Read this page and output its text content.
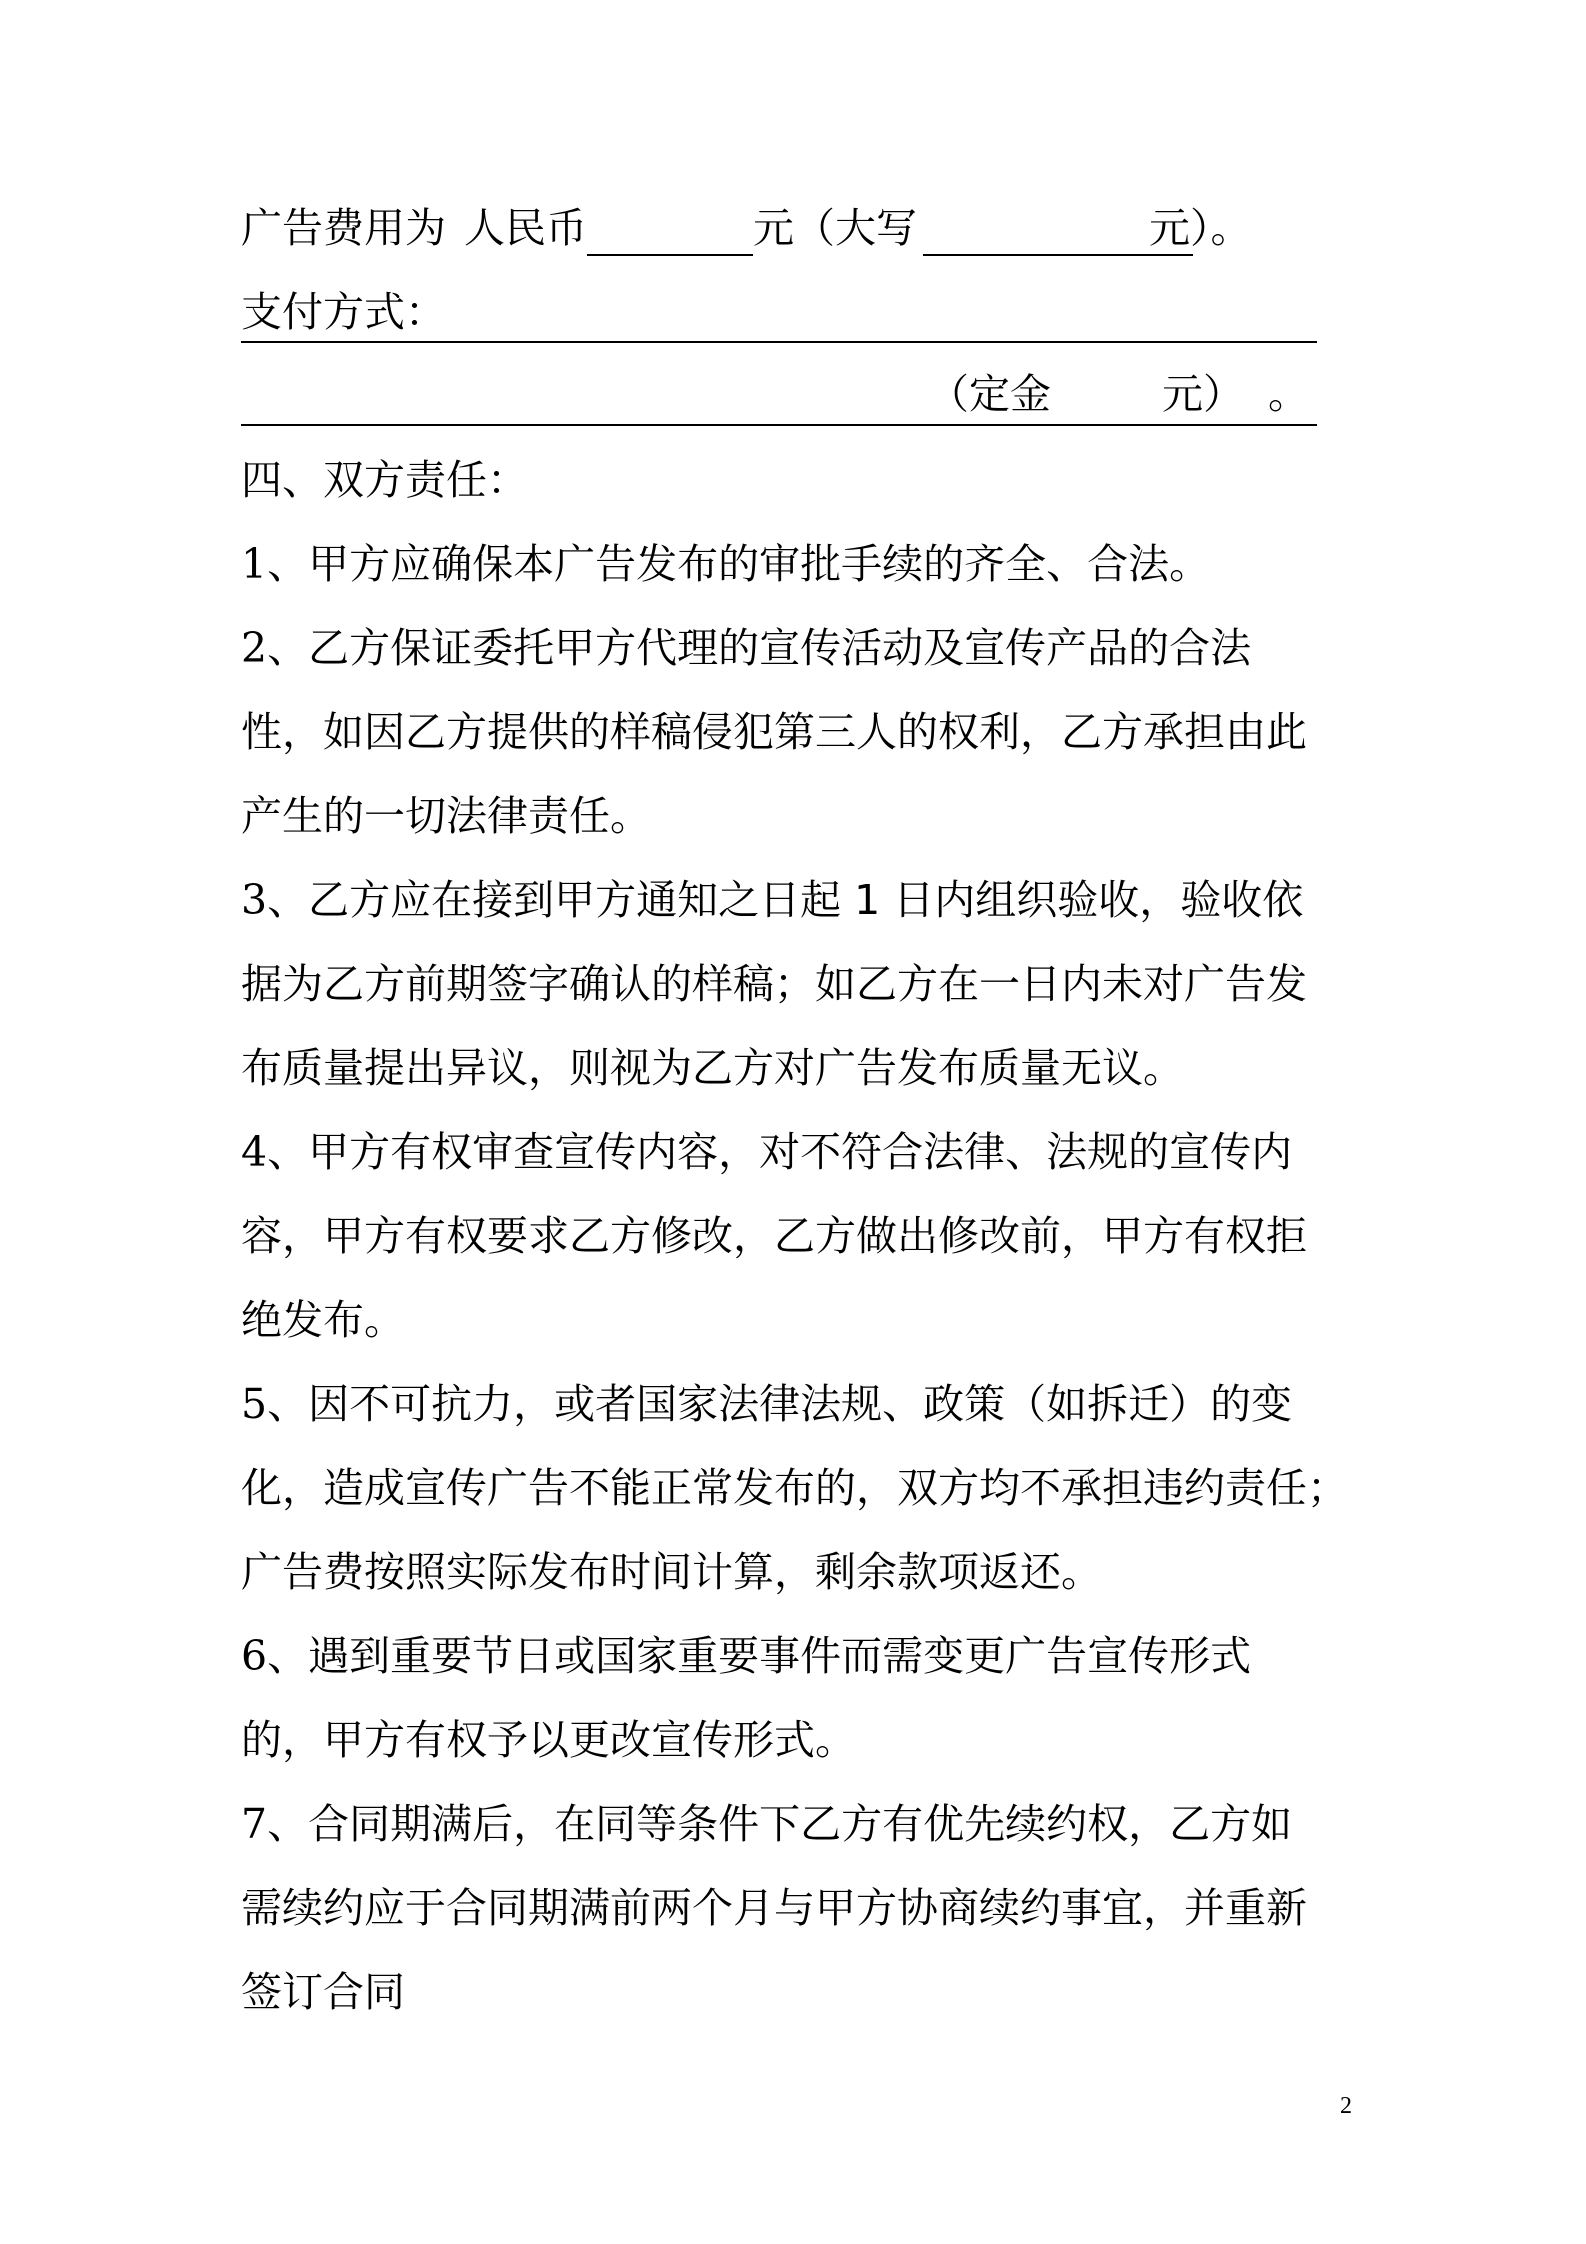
广告费用为 人民币	元（大写	元）。
支付方式：
（定金	元） 。
四、双方责任：
1、甲方应确保本广告发布的审批手续的齐全、合法。
2、乙方保证委托甲方代理的宣传活动及宣传产品的合法
性，如因乙方提供的样稿侵犯第三人的权利，乙方承担由此
产生的一切法律责任。
3、乙方应在接到甲方通知之日起 1 日内组织验收，验收依
据为乙方前期签字确认的样稿；如乙方在一日内未对广告发
布质量提出异议，则视为乙方对广告发布质量无议。
4、甲方有权审查宣传内容，对不符合法律、法规的宣传内
容，甲方有权要求乙方修改，乙方做出修改前，甲方有权拒
绝发布。
5、因不可抗力，或者国家法律法规、政策（如拆迁）的变
化，造成宣传广告不能正常发布的，双方均不承担违约责任；
广告费按照实际发布时间计算，剩余款项返还。
6、遇到重要节日或国家重要事件而需变更广告宣传形式
的，甲方有权予以更改宣传形式。
7、合同期满后，在同等条件下乙方有优先续约权，乙方如
需续约应于合同期满前两个月与甲方协商续约事宜，并重新
签订合同
2
